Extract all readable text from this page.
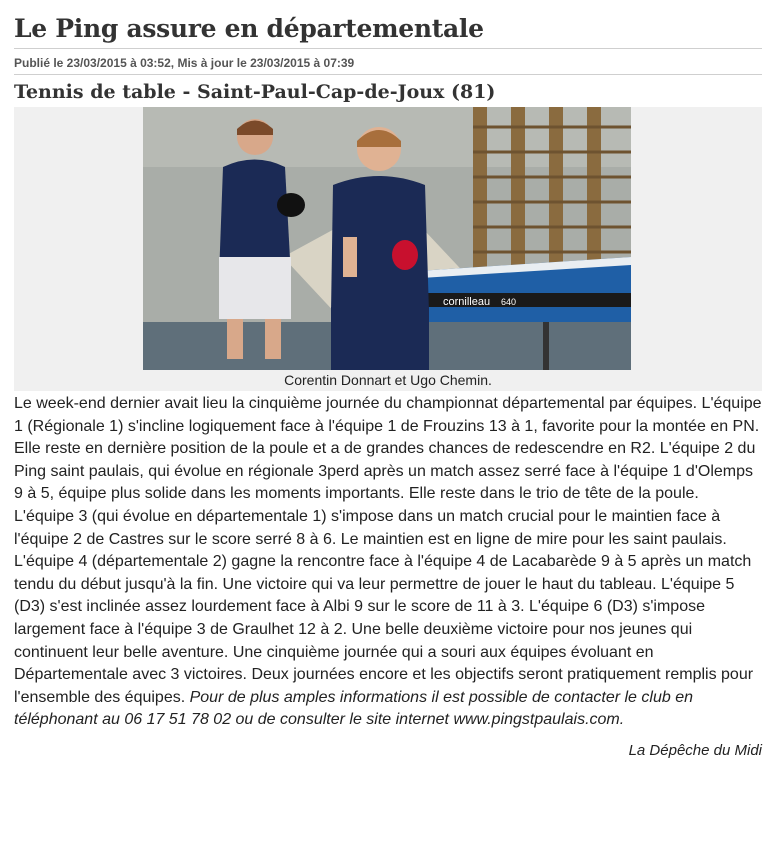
Le Ping assure en départementale
Publié le 23/03/2015 à 03:52, Mis à jour le 23/03/2015 à 07:39
Tennis de table - Saint-Paul-Cap-de-Joux (81)
cornilleau 640
Corentin Donnart et Ugo Chemin.
Le week-end dernier avait lieu la cinquième journée du championnat départemental par équipes. L'équipe 1 (Régionale 1) s'incline logiquement face à l'équipe 1 de Frouzins 13 à 1, favorite pour la montée en PN. Elle reste en dernière position de la poule et a de grandes chances de redescendre en R2. L'équipe 2 du Ping saint paulais, qui évolue en régionale 3perd après un match assez serré face à l'équipe 1 d'Olemps 9 à 5, équipe plus solide dans les moments importants. Elle reste dans le trio de tête de la poule. L'équipe 3 (qui évolue en départementale 1) s'impose dans un match crucial pour le maintien face à l'équipe 2 de Castres sur le score serré 8 à 6. Le maintien est en ligne de mire pour les saint paulais. L'équipe 4 (départementale 2) gagne la rencontre face à l'équipe 4 de Lacabarède 9 à 5 après un match tendu du début jusqu'à la fin. Une victoire qui va leur permettre de jouer le haut du tableau. L'équipe 5 (D3) s'est inclinée assez lourdement face à Albi 9 sur le score de 11 à 3. L'équipe 6 (D3) s'impose largement face à l'équipe 3 de Graulhet 12 à 2. Une belle deuxième victoire pour nos jeunes qui continuent leur belle aventure. Une cinquième journée qui a souri aux équipes évoluant en Départementale avec 3 victoires. Deux journées encore et les objectifs seront pratiquement remplis pour l'ensemble des équipes. Pour de plus amples informations il est possible de contacter le club en téléphonant au 06 17 51 78 02 ou de consulter le site internet www.pingstpaulais.com.
La Dépêche du Midi
